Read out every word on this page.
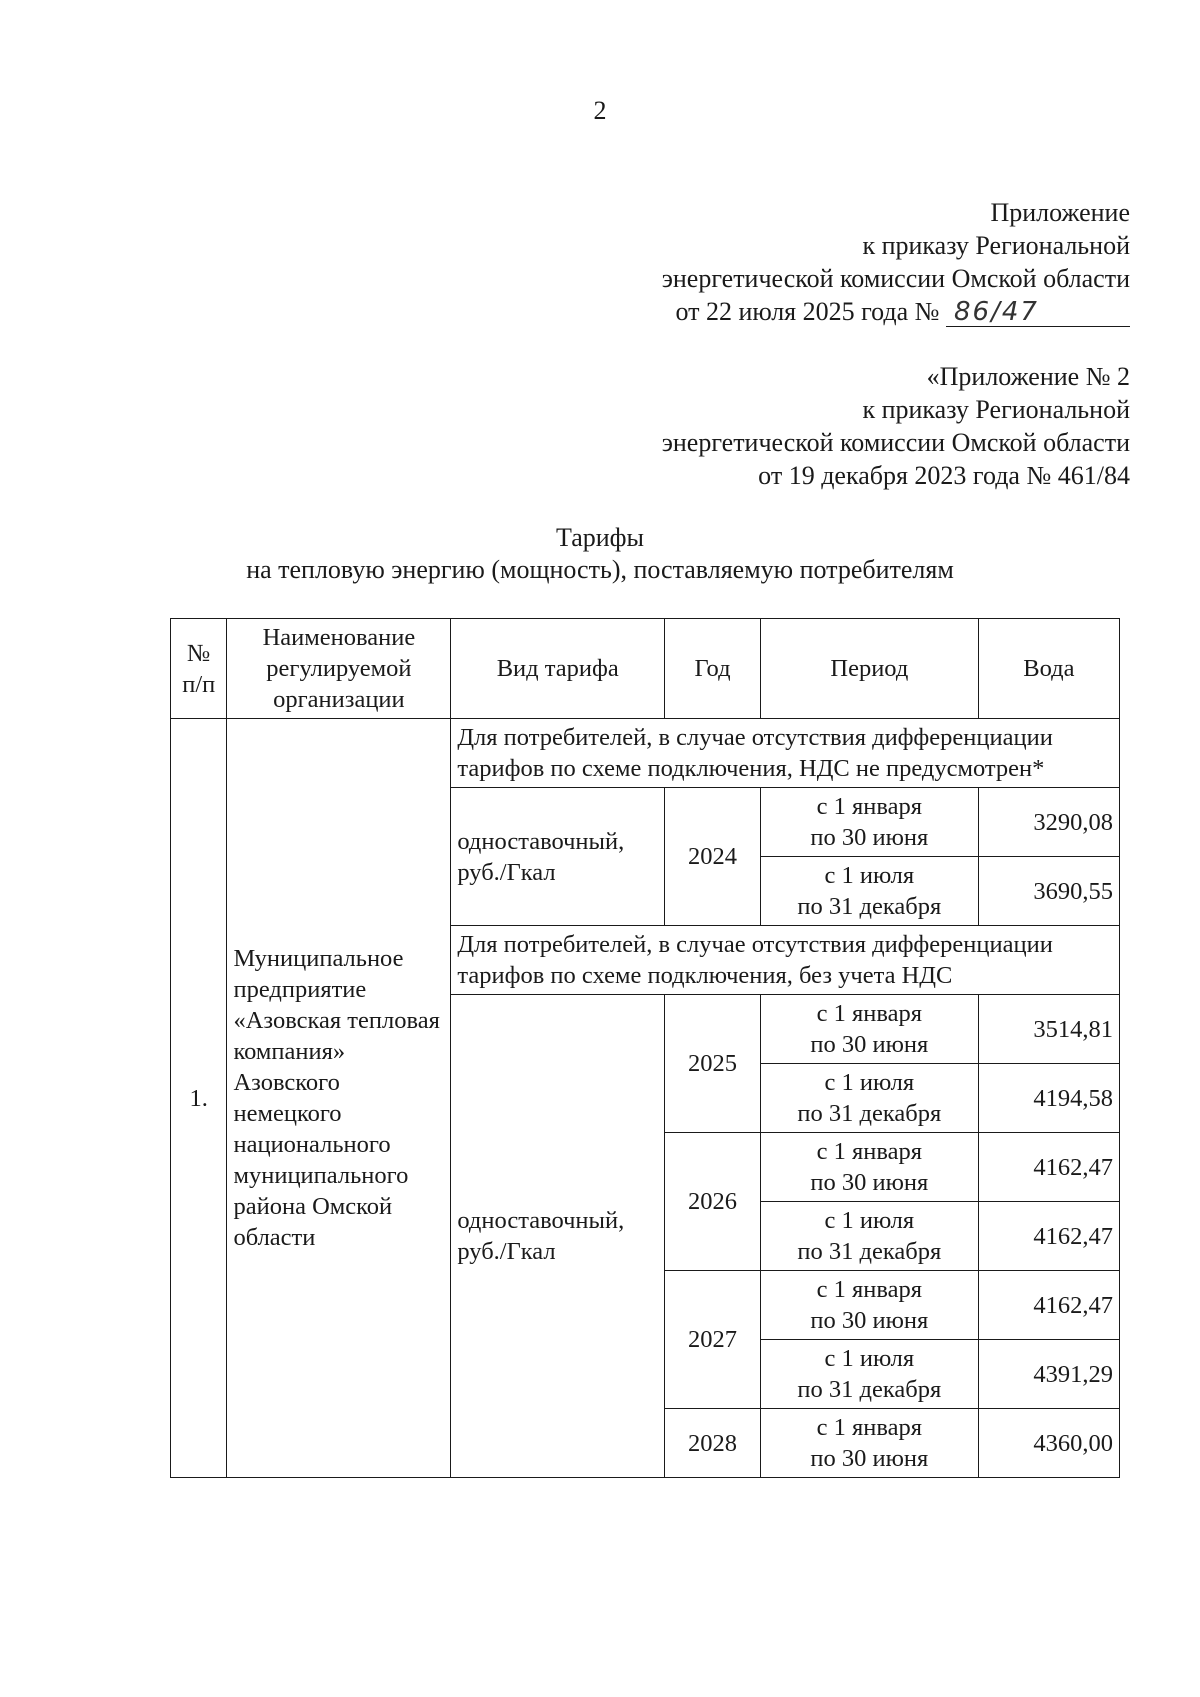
2
Приложение
к приказу Региональной
энергетической комиссии Омской области
от 22 июля 2025 года № 86/47
«Приложение № 2
к приказу Региональной
энергетической комиссии Омской области
от 19 декабря 2023 года № 461/84
Тарифы
на тепловую энергию (мощность), поставляемую потребителям
№ п/п	Наименование регулируемой организации	Вид тарифа	Год	Период	Вода
1.	Муниципальное предприятие «Азовская тепловая компания» Азовского немецкого национального муниципального района Омской области	Для потребителей, в случае отсутствия дифференциации тарифов по схеме подключения, НДС не предусмотрен*			
		одноставочный, руб./Гкал	2024	с 1 января
по 30 июня	3290,08

				с 1 июля
по 31 декабря	3690,55
		Для потребителей, в случае отсутствия дифференциации тарифов по схеме подключения, без учета НДС			
		одноставочный, руб./Гкал	2025	с 1 января
по 30 июня	3514,81

				с 1 июля
по 31 декабря	4194,58
			2026	с 1 января
по 30 июня	4162,47

				с 1 июля
по 31 декабря	4162,47
			2027	с 1 января
по 30 июня	4162,47

				с 1 июля
по 31 декабря	4391,29
			2028	с 1 января
по 30 июня	4360,00
